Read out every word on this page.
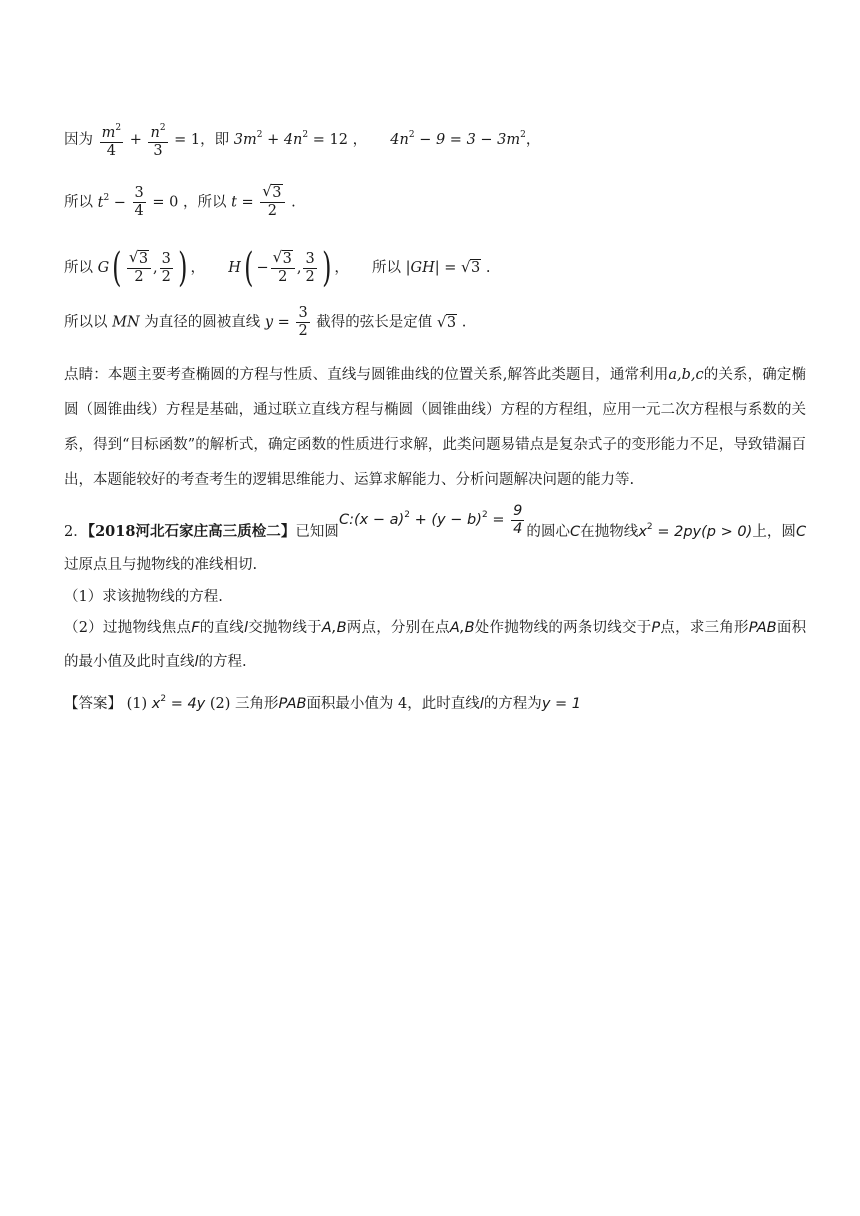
因为 $\frac{m^2}{4} + \frac{n^2}{3} = 1$，即 $3m^2 + 4n^2 = 12$ ， $4n^2 - 9 = 3 - 3m^2$，
所以 $t^2 - \frac{3}{4} = 0$ ，所以 $t = \frac{√ 3}{2}$ .
所以 $G( \frac{√ 3}{2}$ , $\frac{3}{2}$ ) ， $H( - \frac{√ 3}{2}$ , $\frac{3}{2}$ ) ， 所以 |GH| = √ 3 .
所以以 MN 为直径的圆被直线 $y = \frac{3}{2}$ 截得的弦长是定值 √ 3 .
点睛：本题主要考查椭圆的方程与性质、直线与圆锥曲线的位置关系,解答此类题目，通常利用a,b,c的关系，确定椭圆（圆锥曲线）方程是基础，通过联立直线方程与椭圆（圆锥曲线）方程的方程组，应用一元二次方程根与系数的关系，得到“目标函数”的解析式，确定函数的性质进行求解，此类问题易错点是复杂式子的变形能力不足，导致错漏百出，本题能较好的考查考生的逻辑思维能力、运算求解能力、分析问题解决问题的能力等.
2．【2018河北石家庄高三质检二】已知圆C:(x − $a)^2 + (y - b)^2 = \frac{9}{4}$ 的圆心C在抛物线$x^2 = 2py(p > 0)$上，圆C过原点且与抛物线的准线相切.
（1）求该抛物线的方程.
（2）过抛物线焦点F的直线l交抛物线于A,B两点，分别在点A,B处作抛物线的两条切线交于P点，求三角形PAB面积的最小值及此时直线l的方程.
【答案】 (1) $x^2 = 4y$ (2) 三角形PAB面积最小值为 4，此时直线l的方程为y = 1
